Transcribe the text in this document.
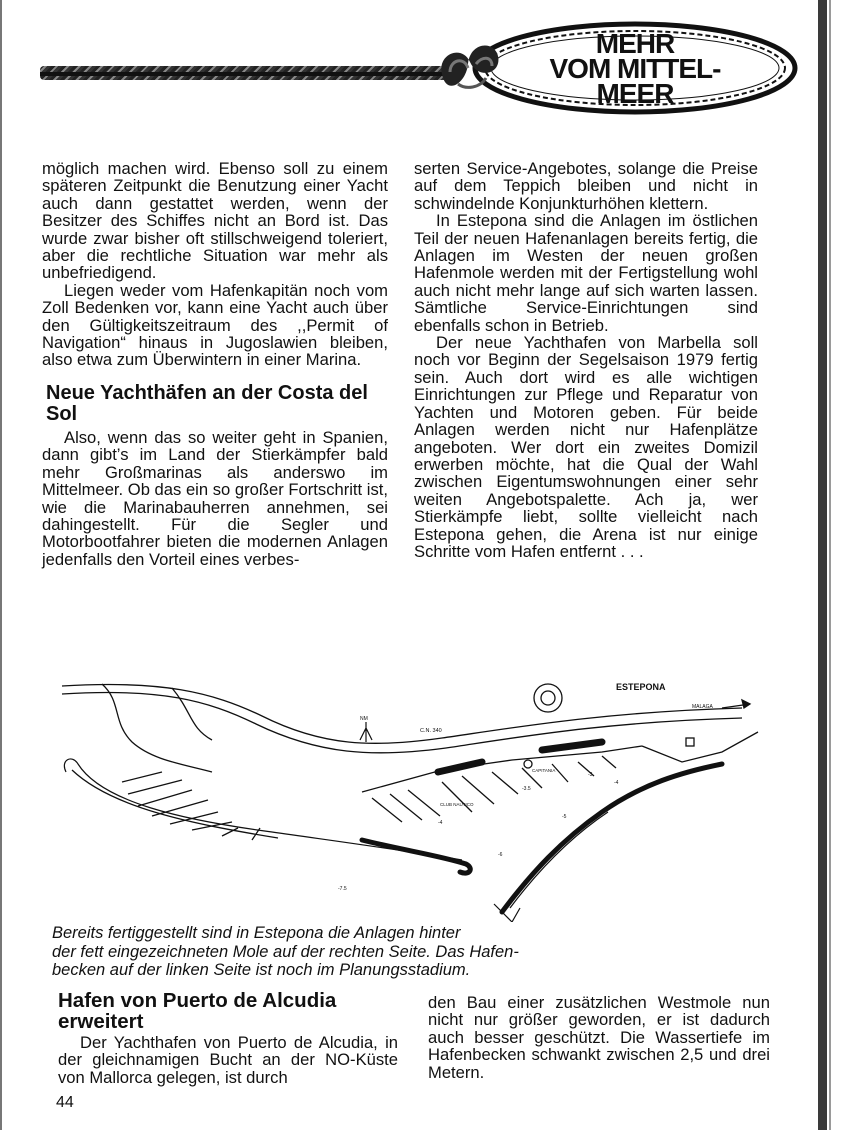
MEHR
VOM MITTEL-
MEER

möglich machen wird. Ebenso soll zu einem späteren Zeitpunkt die Benutzung einer Yacht auch dann gestattet werden, wenn der Besitzer des Schiffes nicht an Bord ist. Das wurde zwar bisher oft stillschweigend toleriert, aber die rechtliche Situation war mehr als unbefriedigend.

Liegen weder vom Hafenkapitän noch vom Zoll Bedenken vor, kann eine Yacht auch über den Gültigkeitszeitraum des ,,Permit of Navigation“ hinaus in Jugoslawien bleiben, also etwa zum Überwintern in einer Marina.

Neue Yachthäfen an der Costa del Sol

Also, wenn das so weiter geht in Spanien, dann gibt’s im Land der Stierkämpfer bald mehr Großmarinas als anderswo im Mittelmeer. Ob das ein so großer Fortschritt ist, wie die Marinabauherren annehmen, sei dahingestellt. Für die Segler und Motorbootfahrer bieten die modernen Anlagen jedenfalls den Vorteil eines verbes-

serten Service-Angebotes, solange die Preise auf dem Teppich bleiben und nicht in schwindelnde Konjunkturhöhen klettern.

In Estepona sind die Anlagen im östlichen Teil der neuen Hafenanlagen bereits fertig, die Anlagen im Westen der neuen großen Hafenmole werden mit der Fertigstellung wohl auch nicht mehr lange auf sich warten lassen. Sämtliche Service-Einrichtungen sind ebenfalls schon in Betrieb.

Der neue Yachthafen von Marbella soll noch vor Beginn der Segelsaison 1979 fertig sein. Auch dort wird es alle wichtigen Einrichtungen zur Pflege und Reparatur von Yachten und Motoren geben. Für beide Anlagen werden nicht nur Hafenplätze angeboten. Wer dort ein zweites Domizil erwerben möchte, hat die Qual der Wahl zwischen Eigentumswohnungen einer sehr weiten Angebotspalette. Ach ja, wer Stierkämpfe liebt, sollte vielleicht nach Estepona gehen, die Arena ist nur einige Schritte vom Hafen entfernt . . .

ESTEPONA
C.N. 340
MALAGA
NM
-7.5
-6
-5
-4
-3
-3.5
-4
CAPITANIA
CLUB NAUTICO

Bereits fertiggestellt sind in Estepona die Anlagen hinter

der fett eingezeichneten Mole auf der rechten Seite. Das Hafen-

becken auf der linken Seite ist noch im Planungsstadium.

Hafen von Puerto de Alcudia erweitert

Der Yachthafen von Puerto de Alcudia, in der gleichnamigen Bucht an der NO-Küste von Mallorca gelegen, ist durch

den Bau einer zusätzlichen Westmole nun nicht nur größer geworden, er ist dadurch auch besser geschützt. Die Wassertiefe im Hafenbecken schwankt zwischen 2,5 und drei Metern.

44
